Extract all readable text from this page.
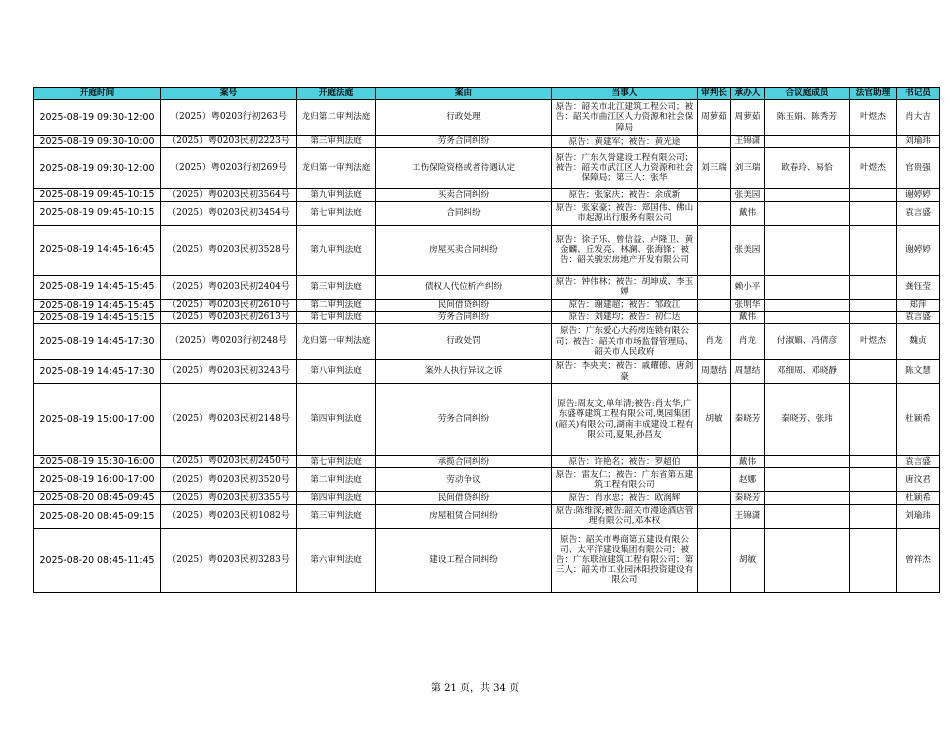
开庭时间	案号	开庭法庭	案由	当事人	审判长	承办人	合议庭成员	法官助理	书记员
2025-08-19 09:30-12:00	（2025）粤0203行初263号	龙归第二审判法庭	行政处理	原告：韶关市北江建筑工程公司；被告：韶关市曲江区人力资源和社会保障局	周萝茹	周萝茹	陈玉娟、陈秀芳	叶煜杰	肖大吉
2025-08-19 09:30-10:00	（2025）粤0203民初2223号	第三审判法庭	劳务合同纠纷	原告：黄建军；被告：黄光途		王锦潇			刘瑜玮
2025-08-19 09:30-12:00	（2025）粤0203行初269号	龙归第一审判法庭	工伤保险资格或者待遇认定	原告：广东久誉建设工程有限公司；被告：韶关市武江区人力资源和社会保障局；第三人：张华	刘三瑞	刘三瑞	欧春玲、易恰	叶煜杰	官贵强
2025-08-19 09:45-10:15	（2025）粤0203民初3564号	第九审判法庭	买卖合同纠纷	原告：张家庆；被告：余成新		张美园			谢婷婷
2025-08-19 09:45-10:15	（2025）粤0203民初3454号	第七审判法庭	合同纠纷	原告：张家豪；被告：郑国伟、佛山市起源出行服务有限公司		戴伟			袁言盛
2025-08-19 14:45-16:45	（2025）粤0203民初3528号	第九审判法庭	房屋买卖合同纠纷	原告：徐子乐、曾信益、卢隆卫、黄金麟、丘发亮、林澜、张海锋；被告：韶关骏宏房地产开发有限公司		张美园			谢婷婷
2025-08-19 14:45-15:45	（2025）粤0203民初2404号	第三审判法庭	债权人代位析产纠纷	原告：钟伟林；被告：胡坤成、李玉婵		赖小平			龚钰莹
2025-08-19 14:45-15:45	（2025）粤0203民初2610号	第二审判法庭	民间借贷纠纷	原告：谢建超；被告：邹政江		张明华			郑萍
2025-08-19 14:45-15:15	（2025）粤0203民初2613号	第七审判法庭	劳务合同纠纷	原告：刘建均；被告：初仁达		戴伟			袁言盛
2025-08-19 14:45-17:30	（2025）粤0203行初248号	龙归第一审判法庭	行政处罚	原告：广东爱心大药房连锁有限公司；被告：韶关市市场监督管理局、韶关市人民政府	肖龙	肖龙	付淑媚、冯倩彦	叶煜杰	魏贞
2025-08-19 14:45-17:30	（2025）粤0203民初3243号	第八审判法庭	案外人执行异议之诉	原告：李央夹；被告：戚耀德、唐剑豪	周慧结	周慧结	邓细周、邓晓静		陈文慧
2025-08-19 15:00-17:00	（2025）粤0203民初2148号	第四审判法庭	劳务合同纠纷	原告:周友文,单年清;被告:肖太华,广东盛尊建筑工程有限公司,奥园集团(韶关)有限公司,湖南丰成建设工程有限公司,夏果,孙昌友	胡敏	秦晓芳	秦晓芳、张玮		杜颖希
2025-08-19 15:30-16:00	（2025）粤0203民初2450号	第七审判法庭	承揽合同纠纷	原告：许艳名；被告：罗超伯		戴伟			袁言盛
2025-08-19 16:00-17:00	（2025）粤0203民初3520号	第二审判法庭	劳动争议	原告：雷友仁；被告：广东省第五建筑工程有限公司		赵娜			唐汶君
2025-08-20 08:45-09:45	（2025）粤0203民初3355号	第四审判法庭	民间借贷纠纷	原告：肖水忠；被告：欧润辉		秦晓芳			杜颖希
2025-08-20 08:45-09:15	（2025）粤0203民初1082号	第三审判法庭	房屋租赁合同纠纷	原告:陈维深;被告:韶关市漫途酒店管理有限公司,邓本权		王锦潇			刘瑜玮
2025-08-20 08:45-11:45	（2025）粤0203民初3283号	第六审判法庭	建设工程合同纠纷	原告：韶关市粤商第五建设有限公司、太平洋建设集团有限公司；被告：广东联渲建筑工程有限公司；第三人：韶关市工业园沐阳投资建设有限公司		胡敏			曾祥杰
第 21 页，共 34 页
